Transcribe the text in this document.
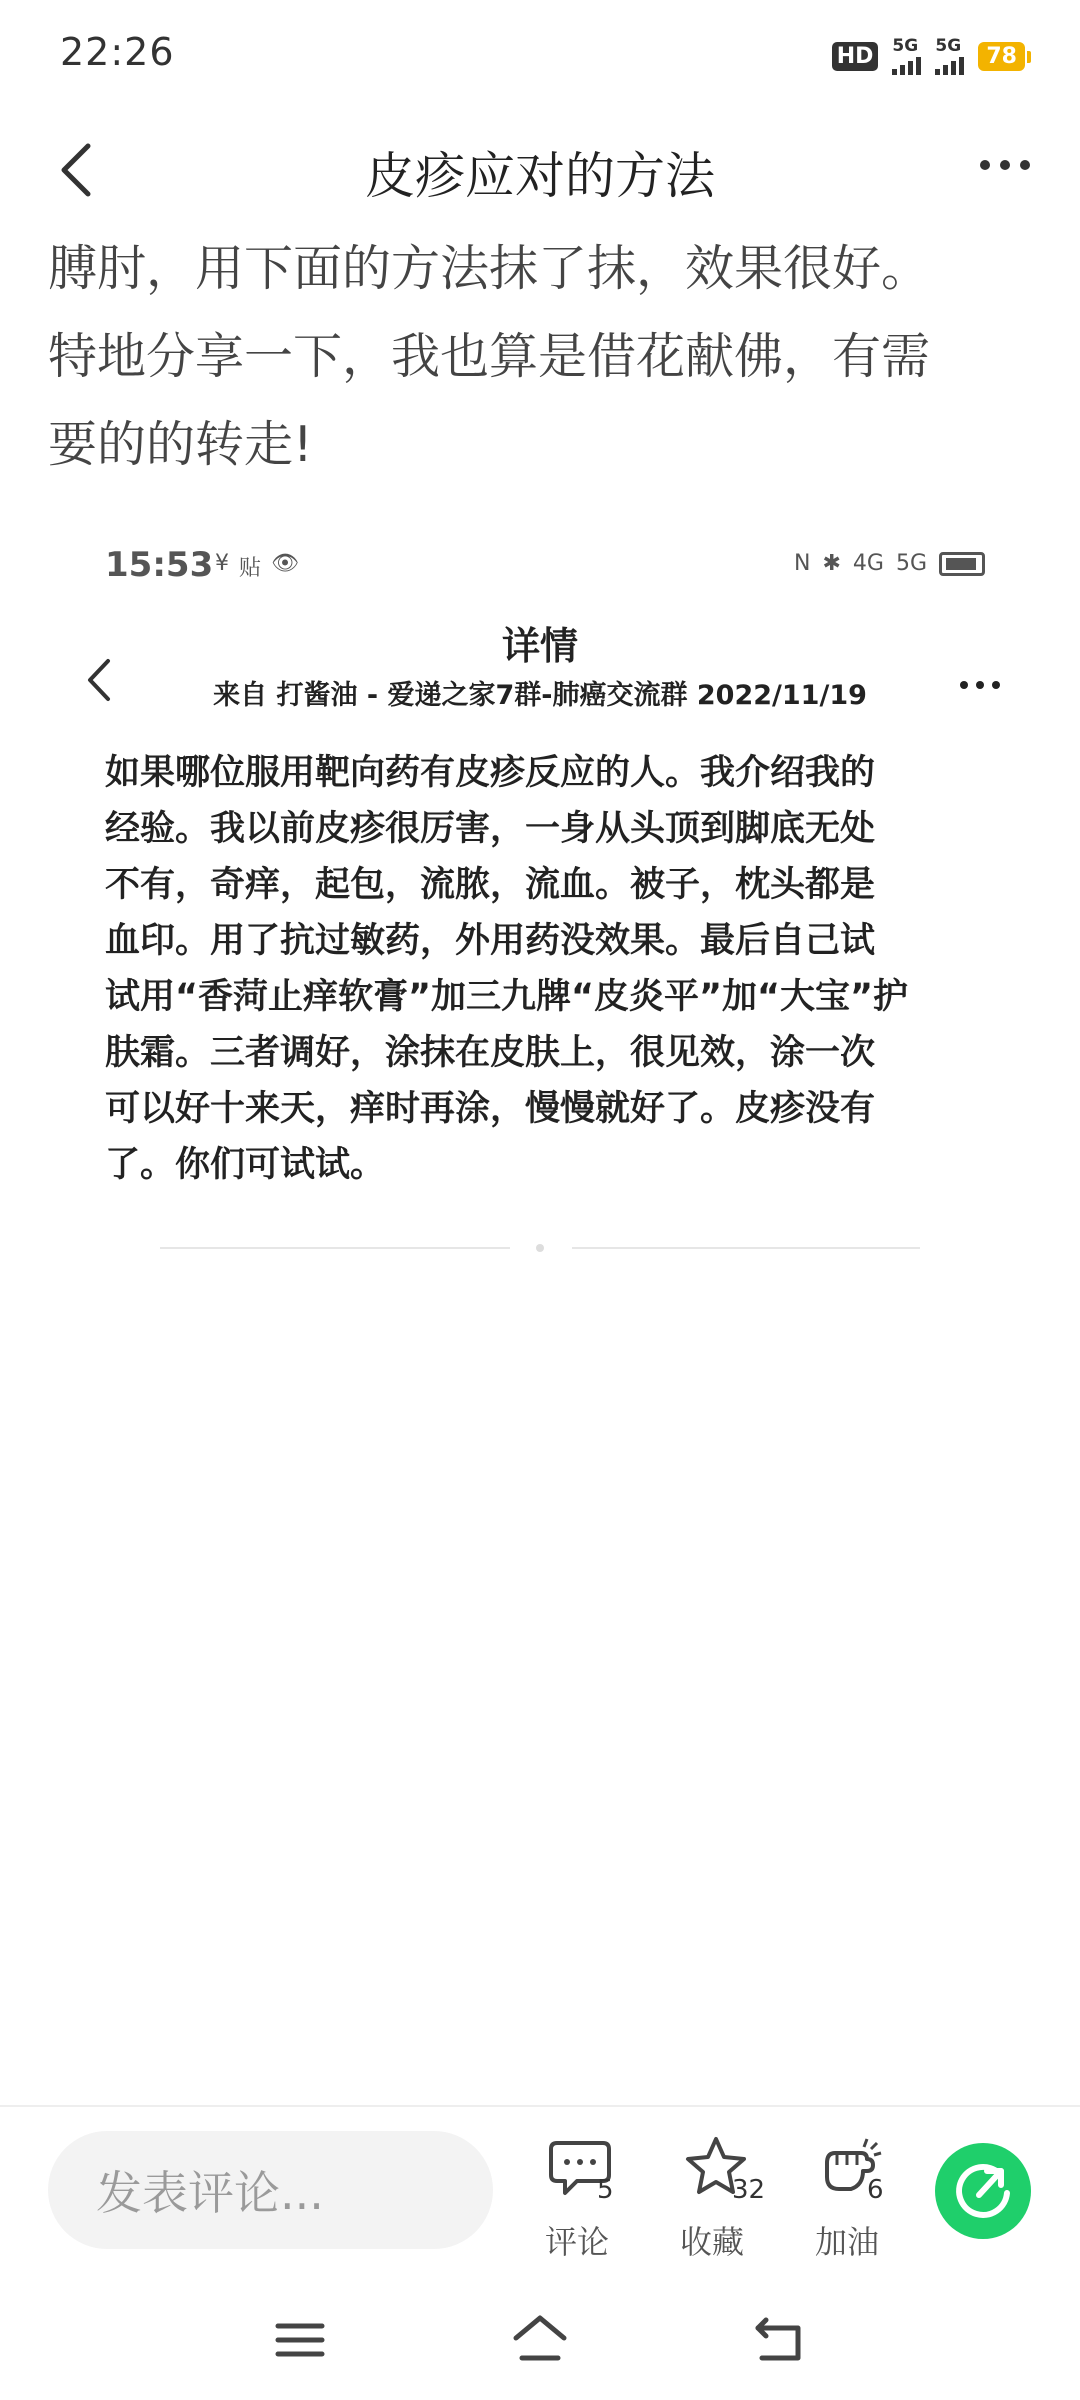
22:26	HD 5G 5G	78
皮疹应对的方法

膊肘，用下面的方法抹了抹，效果很好。

特地分享一下，我也算是借花献佛，有需

要的的转走!

15:53 ¥ 贴 👁	N ✱ 4G 5G
详情
来自 打酱油 - 爱递之家7群-肺癌交流群 2022/11/19

如果哪位服用靶向药有皮疹反应的人。我介绍我的

经验。我以前皮疹很厉害，一身从头顶到脚底无处

不有，奇痒，起包，流脓，流血。被子，枕头都是

血印。用了抗过敏药，外用药没效果。最后自己试

试用“香菏止痒软膏”加三九牌“皮炎平”加“大宝”护

肤霜。三者调好，涂抹在皮肤上，很见效，涂一次

可以好十来天，痒时再涂，慢慢就好了。皮疹没有

了。你们可试试。

发表评论...	5
评论
32
收藏
6
加油
